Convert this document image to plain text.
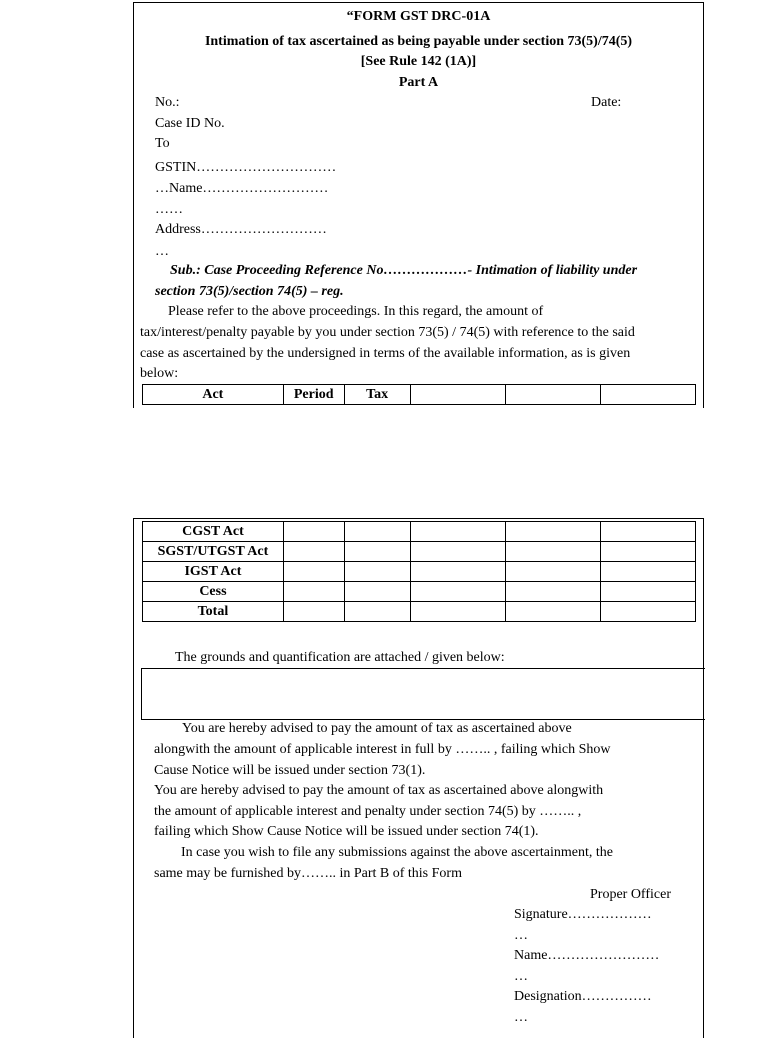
“FORM GST DRC-01A
Intimation of tax ascertained as being payable under section 73(5)/74(5)
[See Rule 142 (1A)]
Part A
No.:	Date:
Case ID No.
To
GSTIN…………………………
…Name………………………
……
Address………………………
…
Sub.: Case Proceeding Reference No………………- Intimation of liability under
section 73(5)/section 74(5) – reg.
Please refer to the above proceedings. In this regard, the amount of
tax/interest/penalty payable by you under section 73(5) / 74(5) with reference to the said
case as ascertained by the undersigned in terms of the available information, as is given
below:
Act	Period	Tax			
CGST Act					
SGST/UTGST Act					
IGST Act					
Cess					
Total					
The grounds and quantification are attached / given below:
You are hereby advised to pay the amount of tax as ascertained above
alongwith the amount of applicable interest in full by …….. , failing which Show
Cause Notice will be issued under section 73(1).
You are hereby advised to pay the amount of tax as ascertained above alongwith
the amount of applicable interest and penalty under section 74(5) by …….. ,
failing which Show Cause Notice will be issued under section 74(1).
In case you wish to file any submissions against the above ascertainment, the
same may be furnished by…….. in Part B of this Form
Proper Officer
Signature………………
…
Name……………………
…
Designation……………
…
